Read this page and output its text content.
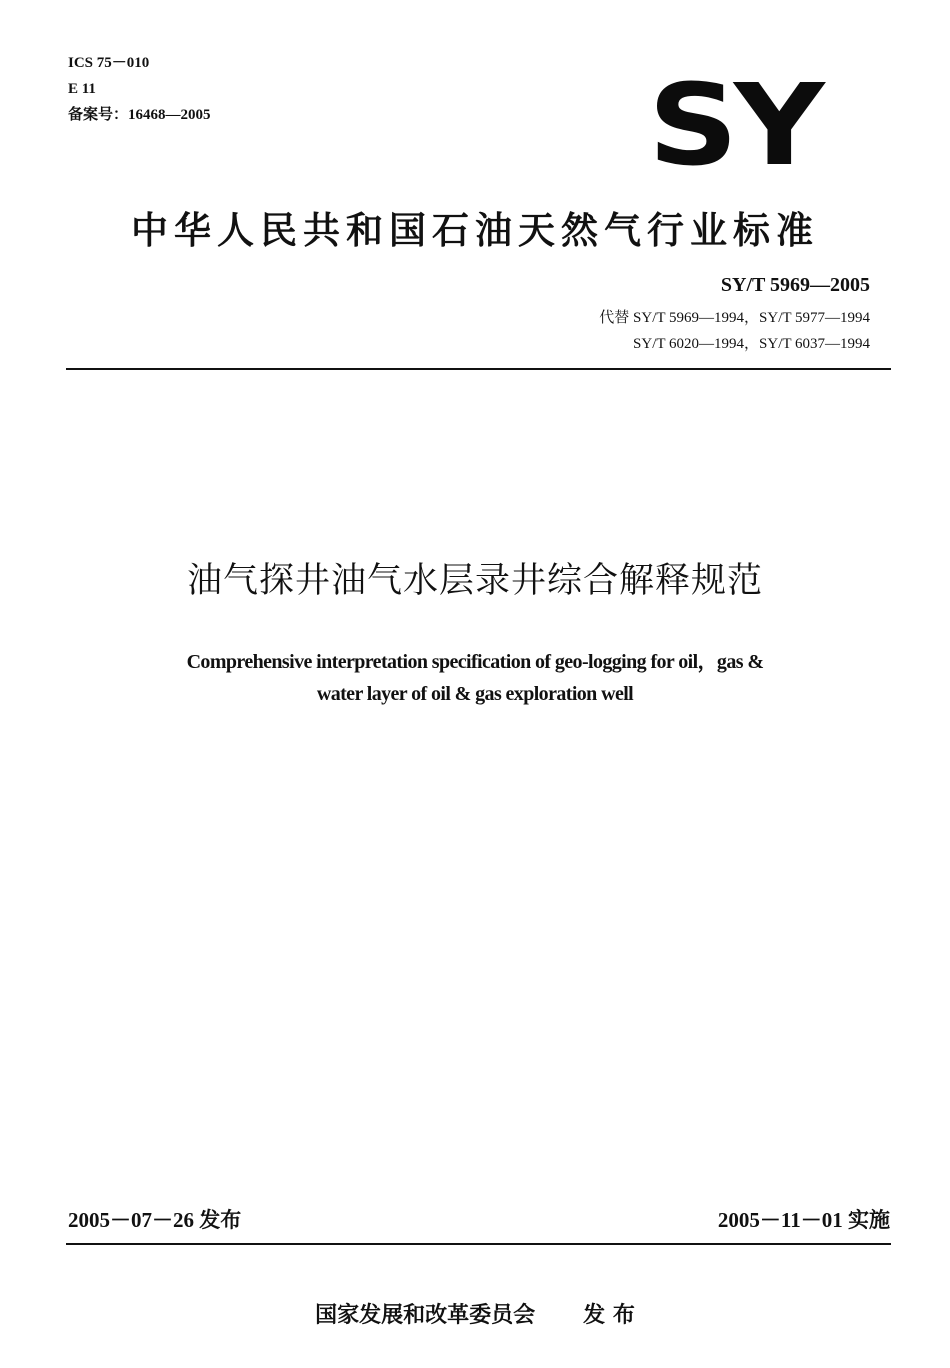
ICS 75－010
E 11
备案号：16468—2005	SY
中华人民共和国石油天然气行业标准
SY/T 5969—2005
代替 SY/T 5969—1994，SY/T 5977—1994
SY/T 6020—1994，SY/T 6037—1994
油气探井油气水层录井综合解释规范
Comprehensive interpretation specification of geo-logging for oil，gas &
water layer of oil & gas exploration well
2005－07－26 发布	2005－11－01 实施
国家发展和改革委员会 发 布
